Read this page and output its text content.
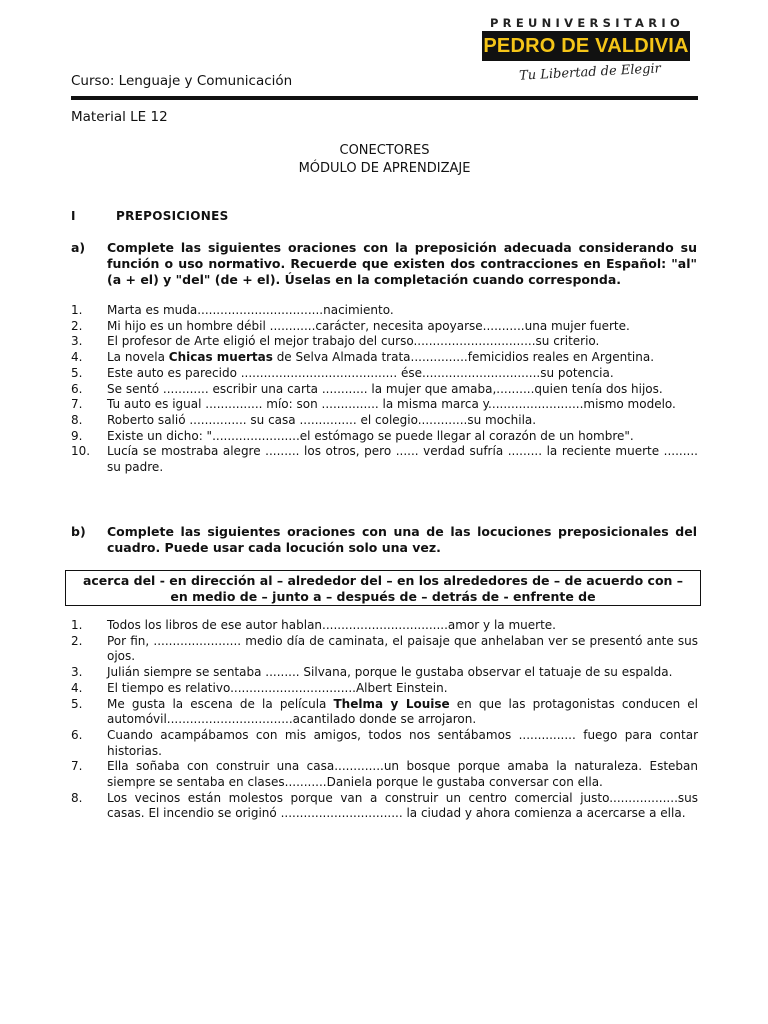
PREUNIVERSITARIO
PEDRO DE VALDIVIA
Tu Libertad de Elegir
Curso: Lenguaje y Comunicación
Material LE 12
CONECTORES
MÓDULO DE APRENDIZAJE
I	PREPOSICIONES
a) Complete las siguientes oraciones con la preposición adecuada considerando su función o uso normativo. Recuerde que existen dos contracciones en Español: "al" (a + el) y "del" (de + el). Úselas en la completación cuando corresponda.
1. Marta es muda.................................nacimiento.
2. Mi hijo es un hombre débil ............carácter, necesita apoyarse...........una mujer fuerte.
3. El profesor de Arte eligió el mejor trabajo del curso................................su criterio.
4. La novela Chicas muertas de Selva Almada trata...............femicidios reales en Argentina.
5. Este auto es parecido ......................................... ése...............................su potencia.
6. Se sentó ............ escribir una carta ............ la mujer que amaba,..........quien tenía dos hijos.
7. Tu auto es igual ............... mío: son ............... la misma marca y.........................mismo modelo.
8. Roberto salió ............... su casa ............... el colegio.............su mochila.
9. Existe un dicho: ".......................el estómago se puede llegar al corazón de un hombre".
10. Lucía se mostraba alegre ......... los otros, pero ...... verdad sufría ......... la reciente muerte ......... su padre.
b) Complete las siguientes oraciones con una de las locuciones preposicionales del cuadro. Puede usar cada locución solo una vez.
acerca del - en dirección al – alrededor del – en los alrededores de – de acuerdo con –
en medio de – junto a – después de – detrás de - enfrente de
1. Todos los libros de ese autor hablan.................................amor y la muerte.
2. Por fin, ....................... medio día de caminata, el paisaje que anhelaban ver se presentó ante sus ojos.
3. Julián siempre se sentaba ......... Silvana, porque le gustaba observar el tatuaje de su espalda.
4. El tiempo es relativo.................................Albert Einstein.
5. Me gusta la escena de la película Thelma y Louise en que las protagonistas conducen el automóvil.................................acantilado donde se arrojaron.
6. Cuando acampábamos con mis amigos, todos nos sentábamos ............... fuego para contar historias.
7. Ella soñaba con construir una casa.............un bosque porque amaba la naturaleza. Esteban siempre se sentaba en clases...........Daniela porque le gustaba conversar con ella.
8. Los vecinos están molestos porque van a construir un centro comercial justo..................sus casas. El incendio se originó ................................ la ciudad y ahora comienza a acercarse a ella.
